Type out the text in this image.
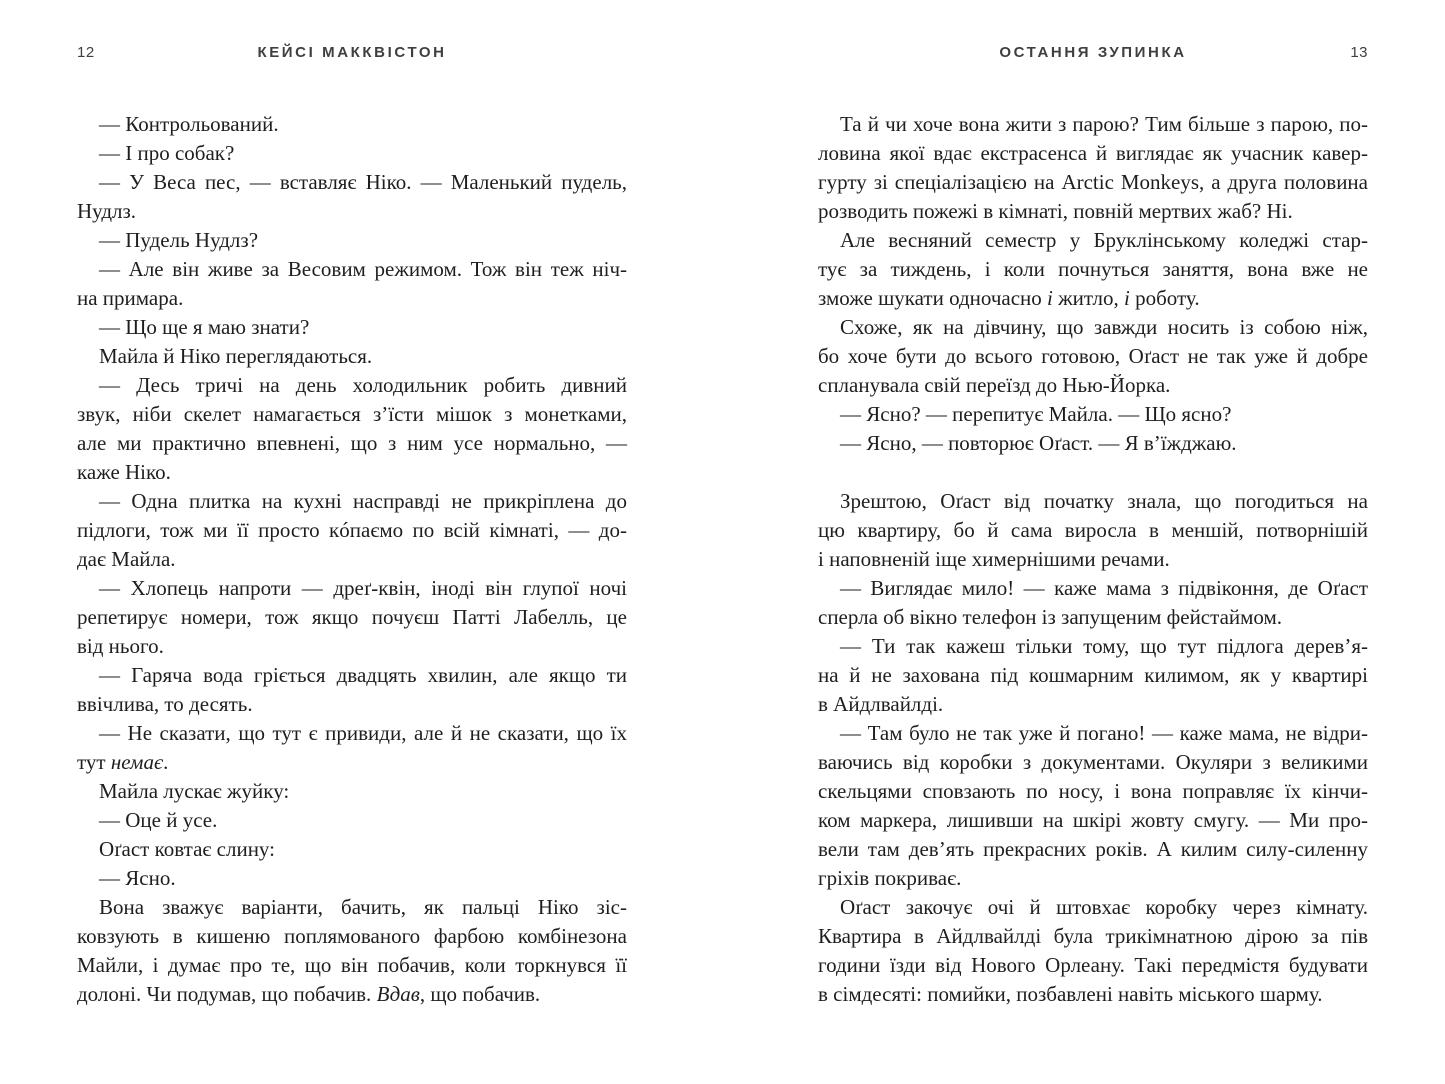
12	КЕЙСІ МАККВІСТОН
— Контрольований.
— І про собак?
— У Веса пес, — вставляє Ніко. — Маленький пудель,
Нудлз.
— Пудель Нудлз?
— Але він живе за Весовим режимом. Тож він теж ніч-
на примара.
— Що ще я маю знати?
Майла й Ніко переглядаються.
— Десь тричі на день холодильник робить дивний
звук, ніби скелет намагається з’їсти мішок з монетками,
але ми практично впевнені, що з ним усе нормально, —
каже Ніко.
— Одна плитка на кухні насправді не прикріплена до
підлоги, тож ми її просто кóпаємо по всій кімнаті, — до-
дає Майла.
— Хлопець напроти — дреґ-квін, іноді він глупої ночі
репетирує номери, тож якщо почуєш Патті Лабелль, це
від нього.
— Гаряча вода гріється двадцять хвилин, але якщо ти
ввічлива, то десять.
— Не сказати, що тут є привиди, але й не сказати, що їх
тут немає.
Майла лускає жуйку:
— Оце й усе.
Оґаст ковтає слину:
— Ясно.
Вона зважує варіанти, бачить, як пальці Ніко зіс-
ковзують в кишеню поплямованого фарбою комбінезона
Майли, і думає про те, що він побачив, коли торкнувся її
долоні. Чи подумав, що побачив. Вдав, що побачив.
ОСТАННЯ ЗУПИНКА	13
Та й чи хоче вона жити з парою? Тим більше з парою, по-
ловина якої вдає екстрасенса й виглядає як учасник кавер-
гурту зі спеціалізацією на Arctic Monkeys, а друга половина
розводить пожежі в кімнаті, повній мертвих жаб? Ні.
Але весняний семестр у Бруклінському коледжі стар-
тує за тиждень, і коли почнуться заняття, вона вже не
зможе шукати одночасно і житло, і роботу.
Схоже, як на дівчину, що завжди носить із собою ніж,
бо хоче бути до всього готовою, Оґаст не так уже й добре
спланувала свій переїзд до Нью-Йорка.
— Ясно? — перепитує Майла. — Що ясно?
— Ясно, — повторює Оґаст. — Я в’їжджаю.
Зрештою, Оґаст від початку знала, що погодиться на
цю квартиру, бо й сама виросла в меншій, потворнішій
і наповненій іще химернішими речами.
— Виглядає мило! — каже мама з підвіконня, де Оґаст
сперла об вікно телефон із запущеним фейстаймом.
— Ти так кажеш тільки тому, що тут підлога дерев’я-
на й не захована під кошмарним килимом, як у квартирі
в Айдлвайлді.
— Там було не так уже й погано! — каже мама, не відри-
ваючись від коробки з документами. Окуляри з великими
скельцями сповзають по носу, і вона поправляє їх кінчи-
ком маркера, лишивши на шкірі жовту смугу. — Ми про-
вели там дев’ять прекрасних років. А килим силу-силенну
гріхів покриває.
Оґаст закочує очі й штовхає коробку через кімнату.
Квартира в Айдлвайлді була трикімнатною дірою за пів
години їзди від Нового Орлеану. Такі передмістя будувати
в сімдесяті: помийки, позбавлені навіть міського шарму.
